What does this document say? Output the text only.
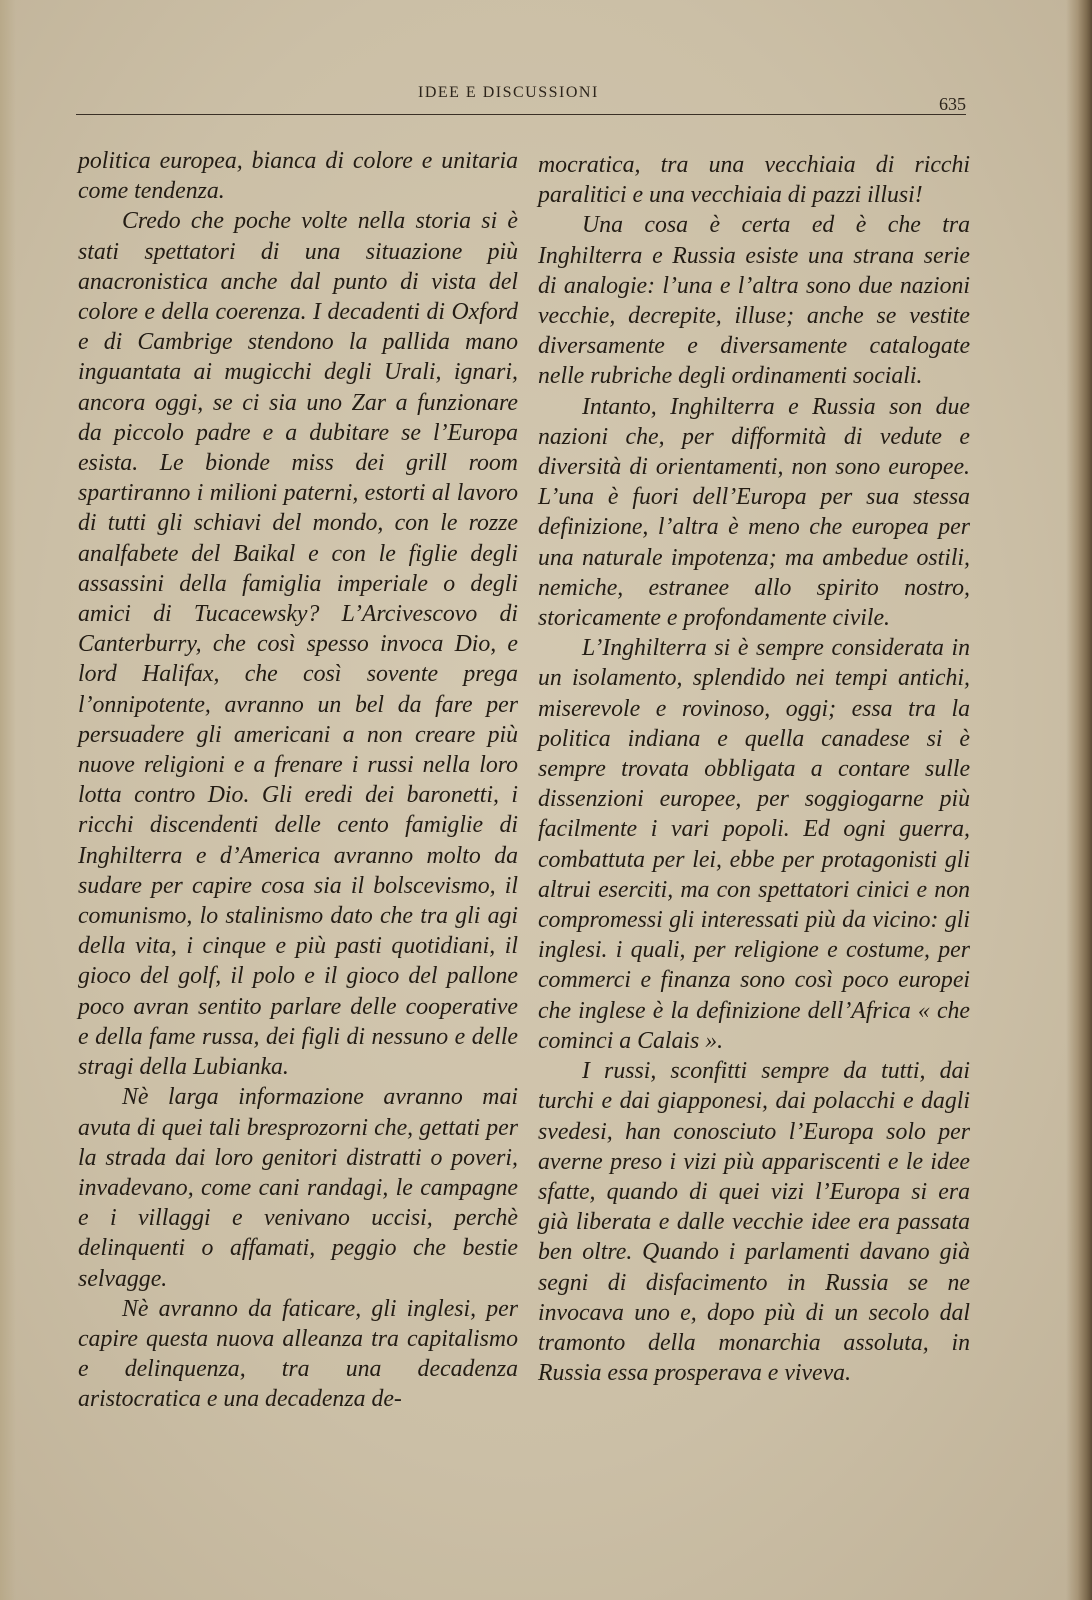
IDEE E DISCUSSIONI
635

politica europea, bianca di colore e unitaria come tendenza.

Credo che poche volte nella storia si è stati spettatori di una situazione più anacronistica anche dal punto di vista del colore e della coerenza. I decadenti di Oxford e di Cambrige stendono la pallida mano inguantata ai mugicchi degli Urali, ignari, ancora oggi, se ci sia uno Zar a funzionare da piccolo padre e a dubitare se l’Europa esista. Le bionde miss dei grill room spartiranno i milioni paterni, estorti al lavoro di tutti gli schiavi del mondo, con le rozze analfabete del Baikal e con le figlie degli assassini della famiglia imperiale o degli amici di Tucacewsky? L’Arcivescovo di Canterburry, che così spesso invoca Dio, e lord Halifax, che così sovente prega l’onnipotente, avranno un bel da fare per persuadere gli americani a non creare più nuove religioni e a frenare i russi nella loro lotta contro Dio. Gli eredi dei baronetti, i ricchi discendenti delle cento famiglie di Inghilterra e d’America avranno molto da sudare per capire cosa sia il bolscevismo, il comunismo, lo stalinismo dato che tra gli agi della vita, i cinque e più pasti quotidiani, il gioco del golf, il polo e il gioco del pallone poco avran sentito parlare delle cooperative e della fame russa, dei figli di nessuno e delle stragi della Lubianka.

Nè larga informazione avranno mai avuta di quei tali bresprozorni che, gettati per la strada dai loro genitori distratti o poveri, invadevano, come cani randagi, le campagne e i villaggi e venivano uccisi, perchè delinquenti o affamati, peggio che bestie selvagge.

Nè avranno da faticare, gli inglesi, per capire questa nuova alleanza tra capitalismo e delinquenza, tra una decadenza aristocratica e una decadenza de-

mocratica, tra una vecchiaia di ricchi paralitici e una vecchiaia di pazzi illusi!

Una cosa è certa ed è che tra Inghilterra e Russia esiste una strana serie di analogie: l’una e l’altra sono due nazioni vecchie, decrepite, illuse; anche se vestite diversamente e diversamente catalogate nelle rubriche degli ordinamenti sociali.

Intanto, Inghilterra e Russia son due nazioni che, per difformità di vedute e diversità di orientamenti, non sono europee. L’una è fuori dell’Europa per sua stessa definizione, l’altra è meno che europea per una naturale impotenza; ma ambedue ostili, nemiche, estranee allo spirito nostro, storicamente e profondamente civile.

L’Inghilterra si è sempre considerata in un isolamento, splendido nei tempi antichi, miserevole e rovinoso, oggi; essa tra la politica indiana e quella canadese si è sempre trovata obbligata a contare sulle dissenzioni europee, per soggiogarne più facilmente i vari popoli. Ed ogni guerra, combattuta per lei, ebbe per protagonisti gli altrui eserciti, ma con spettatori cinici e non compromessi gli interessati più da vicino: gli inglesi. i quali, per religione e costume, per commerci e finanza sono così poco europei che inglese è la definizione dell’Africa « che cominci a Calais ».

I russi, sconfitti sempre da tutti, dai turchi e dai giapponesi, dai polacchi e dagli svedesi, han conosciuto l’Europa solo per averne preso i vizi più appariscenti e le idee sfatte, quando di quei vizi l’Europa si era già liberata e dalle vecchie idee era passata ben oltre. Quando i parlamenti davano già segni di disfacimento in Russia se ne invocava uno e, dopo più di un secolo dal tramonto della monarchia assoluta, in Russia essa prosperava e viveva.
